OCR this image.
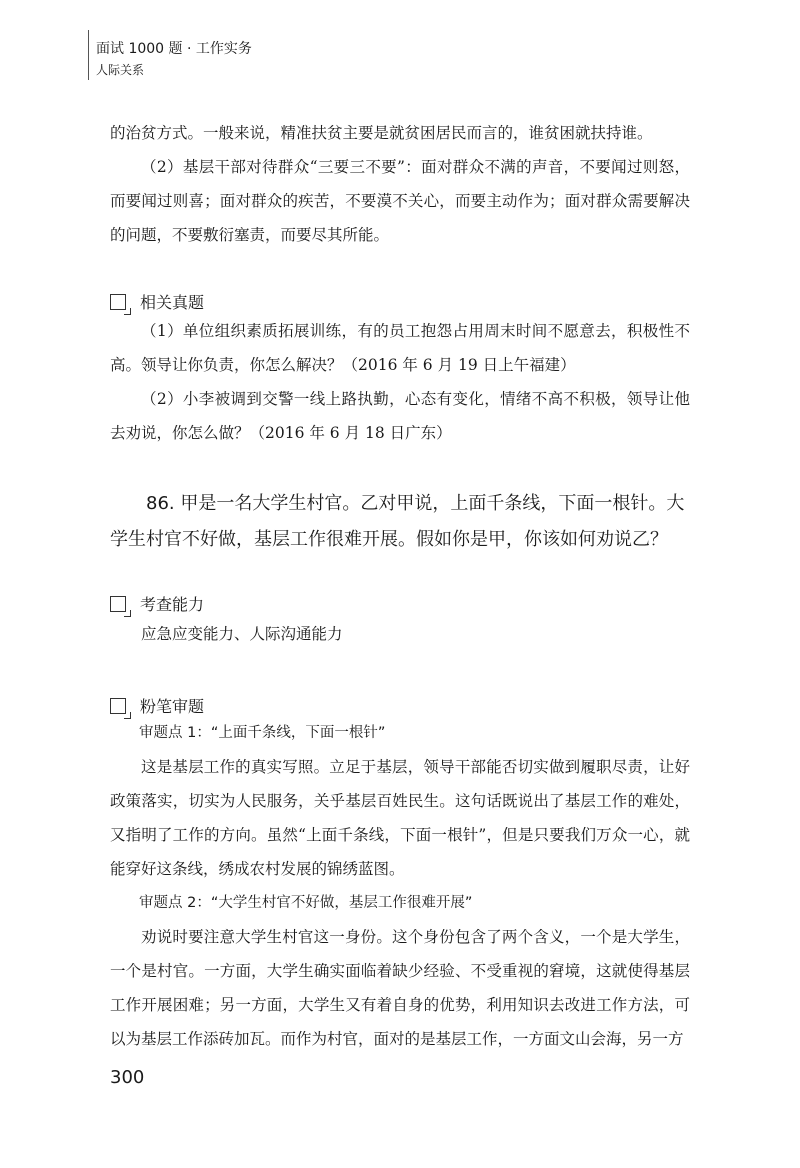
面试 1000 题 · 工作实务
人际关系

的治贫方式。一般来说，精准扶贫主要是就贫困居民而言的，谁贫困就扶持谁。

（2）基层干部对待群众“三要三不要”：面对群众不满的声音，不要闻过则怒，而要闻过则喜；面对群众的疾苦，不要漠不关心，而要主动作为；面对群众需要解决的问题，不要敷衍塞责，而要尽其所能。

相关真题

（1）单位组织素质拓展训练，有的员工抱怨占用周末时间不愿意去，积极性不高。领导让你负责，你怎么解决？（2016 年 6 月 19 日上午福建）

（2）小李被调到交警一线上路执勤，心态有变化，情绪不高不积极，领导让他去劝说，你怎么做？（2016 年 6 月 18 日广东）

86. 甲是一名大学生村官。乙对甲说，上面千条线，下面一根针。大学生村官不好做，基层工作很难开展。假如你是甲，你该如何劝说乙？
考查能力

应急应变能力、人际沟通能力

粉笔审题

审题点 1：“上面千条线，下面一根针”

这是基层工作的真实写照。立足于基层，领导干部能否切实做到履职尽责，让好政策落实，切实为人民服务，关乎基层百姓民生。这句话既说出了基层工作的难处，又指明了工作的方向。虽然“上面千条线，下面一根针”，但是只要我们万众一心，就能穿好这条线，绣成农村发展的锦绣蓝图。

审题点 2：“大学生村官不好做，基层工作很难开展”

劝说时要注意大学生村官这一身份。这个身份包含了两个含义，一个是大学生，一个是村官。一方面，大学生确实面临着缺少经验、不受重视的窘境，这就使得基层工作开展困难；另一方面，大学生又有着自身的优势，利用知识去改进工作方法，可以为基层工作添砖加瓦。而作为村官，面对的是基层工作，一方面文山会海，另一方

300
